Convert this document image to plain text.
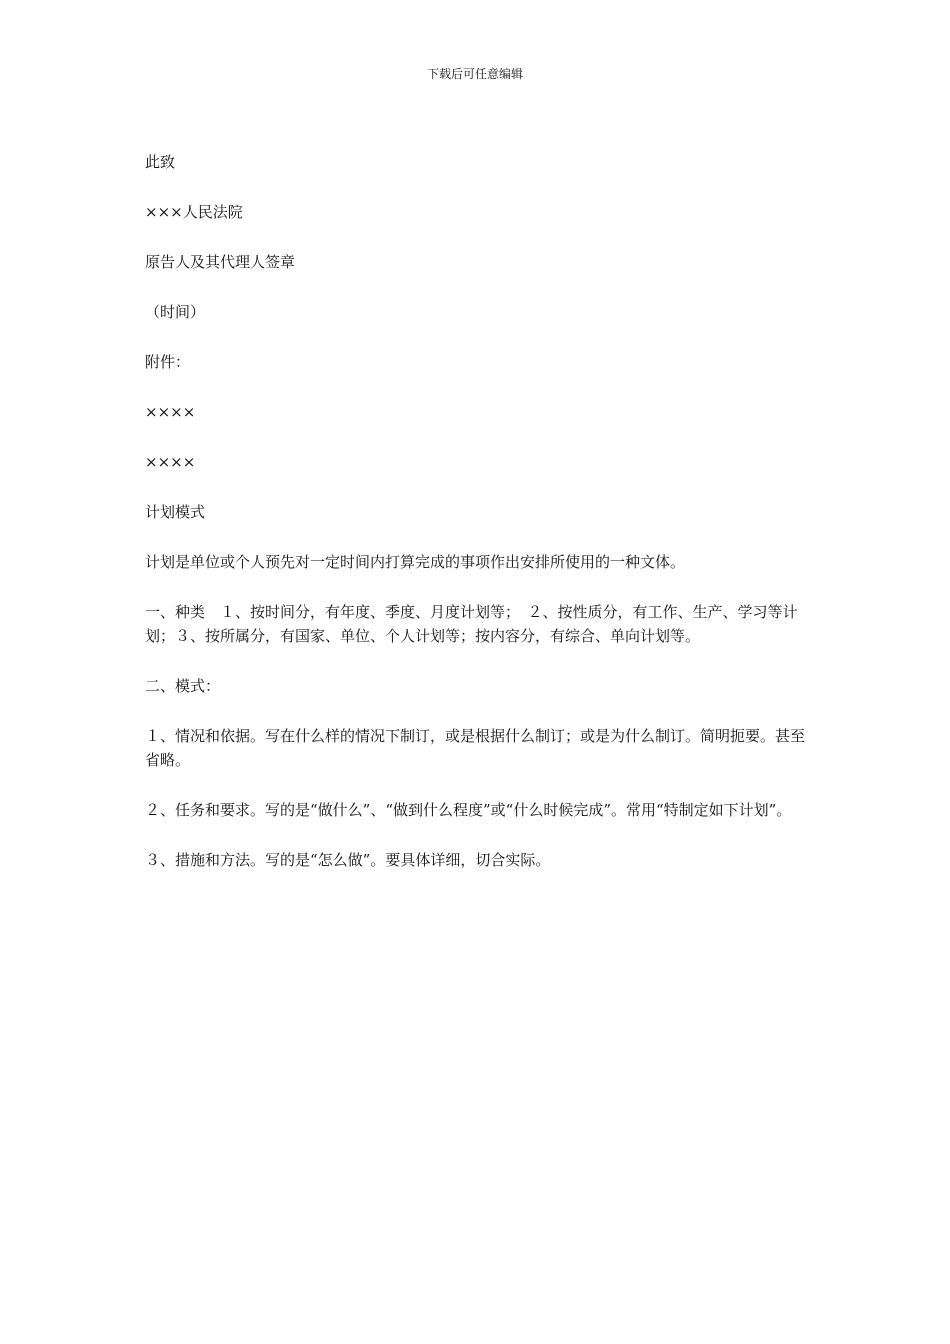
下载后可任意编辑

此致

×××人民法院

原告人及其代理人签章

（时间）

附件：

××××

××××

计划模式

计划是单位或个人预先对一定时间内打算完成的事项作出安排所使用的一种文体。

一、种类　１、按时间分，有年度、季度、月度计划等；　２、按性质分，有工作、生产、学习等计划；３、按所属分，有国家、单位、个人计划等；按内容分，有综合、单向计划等。

二、模式：

１、情况和依据。写在什么样的情况下制订，或是根据什么制订；或是为什么制订。简明扼要。甚至省略。

２、任务和要求。写的是“做什么”、“做到什么程度”或“什么时候完成”。常用“特制定如下计划”。

３、措施和方法。写的是“怎么做”。要具体详细，切合实际。
